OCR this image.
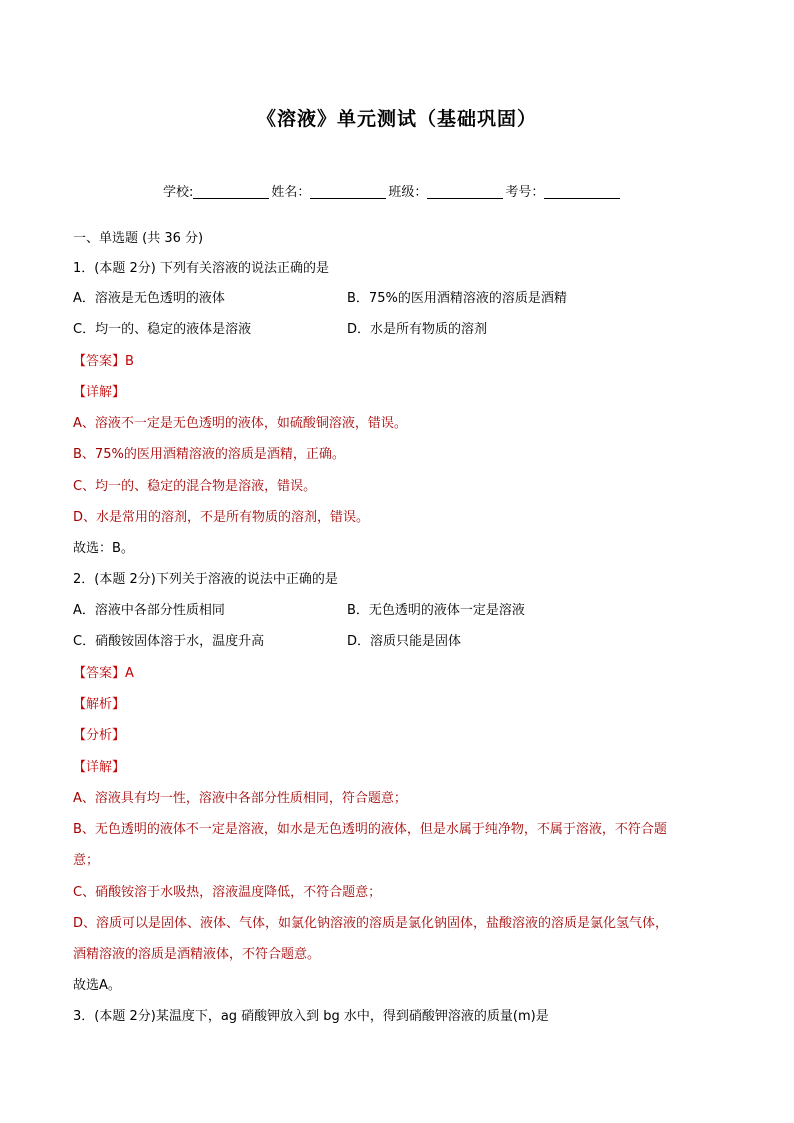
《溶液》单元测试（基础巩固）
学校:	姓名：	班级：	考号：
一、单选题 (共 36 分)
1．(本题 2分) 下列有关溶液的说法正确的是
A．溶液是无色透明的液体	B．75%的医用酒精溶液的溶质是酒精
C．均一的、稳定的液体是溶液	D．水是所有物质的溶剂
【答案】B
【详解】
A、溶液不一定是无色透明的液体，如硫酸铜溶液，错误。
B、75%的医用酒精溶液的溶质是酒精，正确。
C、均一的、稳定的混合物是溶液，错误。
D、水是常用的溶剂，不是所有物质的溶剂，错误。
故选：B。
2．(本题 2分)下列关于溶液的说法中正确的是
A．溶液中各部分性质相同	B．无色透明的液体一定是溶液
C．硝酸铵固体溶于水，温度升高	D．溶质只能是固体
【答案】A
【解析】
【分析】
【详解】
A、溶液具有均一性，溶液中各部分性质相同，符合题意；
B、无色透明的液体不一定是溶液，如水是无色透明的液体，但是水属于纯净物，不属于溶液，不符合题
意；
C、硝酸铵溶于水吸热，溶液温度降低，不符合题意；
D、溶质可以是固体、液体、气体，如氯化钠溶液的溶质是氯化钠固体，盐酸溶液的溶质是氯化氢气体，
酒精溶液的溶质是酒精液体，不符合题意。
故选A。
3．(本题 2分)某温度下，ag 硝酸钾放入到 bg 水中，得到硝酸钾溶液的质量(m)是
